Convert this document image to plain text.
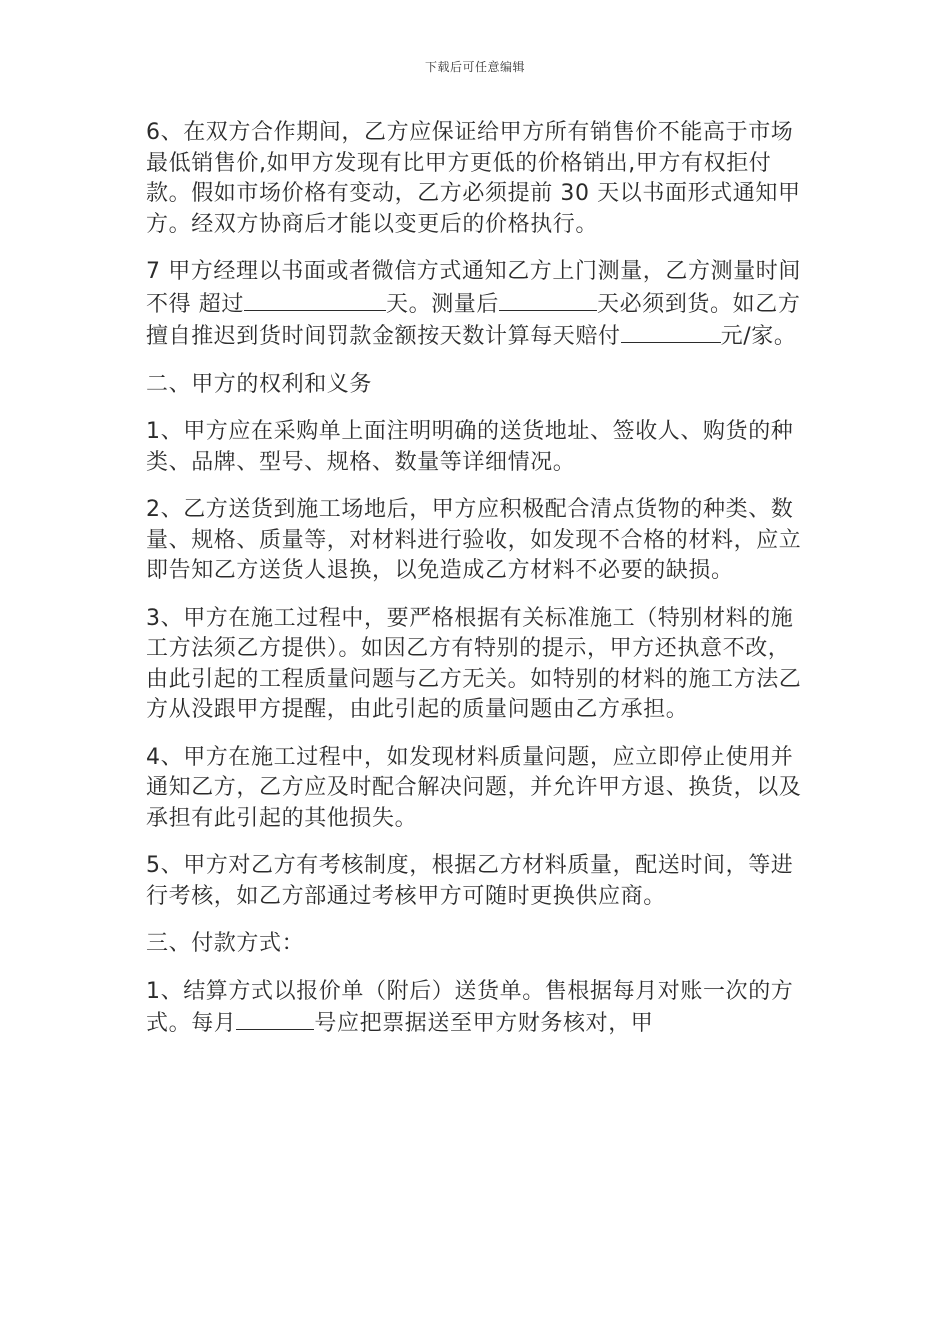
下载后可任意编辑

6、在双方合作期间，乙方应保证给甲方所有销售价不能高于市场最低销售价,如甲方发现有比甲方更低的价格销出,甲方有权拒付款。假如市场价格有变动，乙方必须提前 30 天以书面形式通知甲方。经双方协商后才能以变更后的价格执行。

7 甲方经理以书面或者微信方式通知乙方上门测量，乙方测量时间不得 超过	天。测量后	天必须到货。如乙方擅自推迟到货时间罚款金额按天数计算每天赔付	元/家。

二、甲方的权利和义务

1、甲方应在采购单上面注明明确的送货地址、签收人、购货的种类、品牌、型号、规格、数量等详细情况。

2、乙方送货到施工场地后，甲方应积极配合清点货物的种类、数量、规格、质量等，对材料进行验收，如发现不合格的材料，应立即告知乙方送货人退换，以免造成乙方材料不必要的缺损。

3、甲方在施工过程中，要严格根据有关标准施工（特别材料的施工方法须乙方提供）。如因乙方有特别的提示，甲方还执意不改，由此引起的工程质量问题与乙方无关。如特别的材料的施工方法乙方从没跟甲方提醒，由此引起的质量问题由乙方承担。

4、甲方在施工过程中，如发现材料质量问题，应立即停止使用并通知乙方，乙方应及时配合解决问题，并允许甲方退、换货，以及承担有此引起的其他损失。

5、甲方对乙方有考核制度，根据乙方材料质量，配送时间，等进行考核，如乙方部通过考核甲方可随时更换供应商。

三、付款方式：

1、结算方式以报价单（附后）送货单。售根据每月对账一次的方式。每月	号应把票据送至甲方财务核对，甲
